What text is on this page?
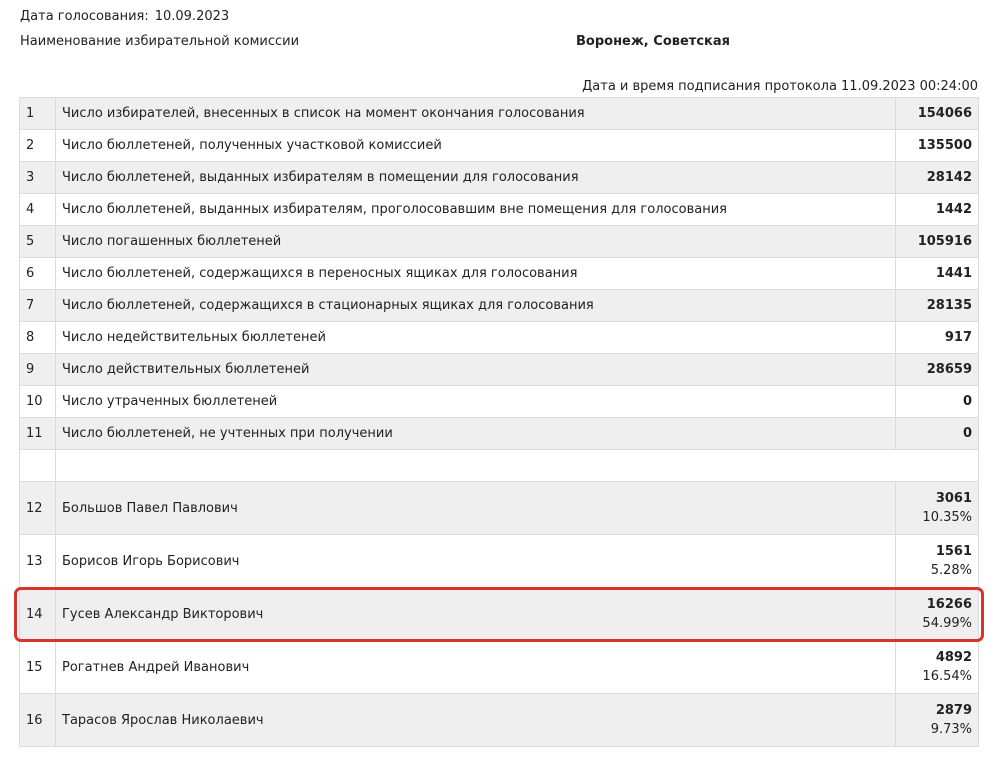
Дата голосования: 10.09.2023
Наименование избирательной комиссии	Воронеж, Советская
Дата и время подписания протокола 11.09.2023 00:24:00
1	Число избирателей, внесенных в список на момент окончания голосования	154066
2	Число бюллетеней, полученных участковой комиссией	135500
3	Число бюллетеней, выданных избирателям в помещении для голосования	28142
4	Число бюллетеней, выданных избирателям, проголосовавшим вне помещения для голосования	1442
5	Число погашенных бюллетеней	105916
6	Число бюллетеней, содержащихся в переносных ящиках для голосования	1441
7	Число бюллетеней, содержащихся в стационарных ящиках для голосования	28135
8	Число недействительных бюллетеней	917
9	Число действительных бюллетеней	28659
10	Число утраченных бюллетеней	0
11	Число бюллетеней, не учтенных при получении	0

12	Большов Павел Павлович	3061
10.35%

13	Борисов Игорь Борисович	1561
5.28%

14	Гусев Александр Викторович	16266
54.99%

15	Рогатнев Андрей Иванович	4892
16.54%

16	Тарасов Ярослав Николаевич	2879
9.73%
